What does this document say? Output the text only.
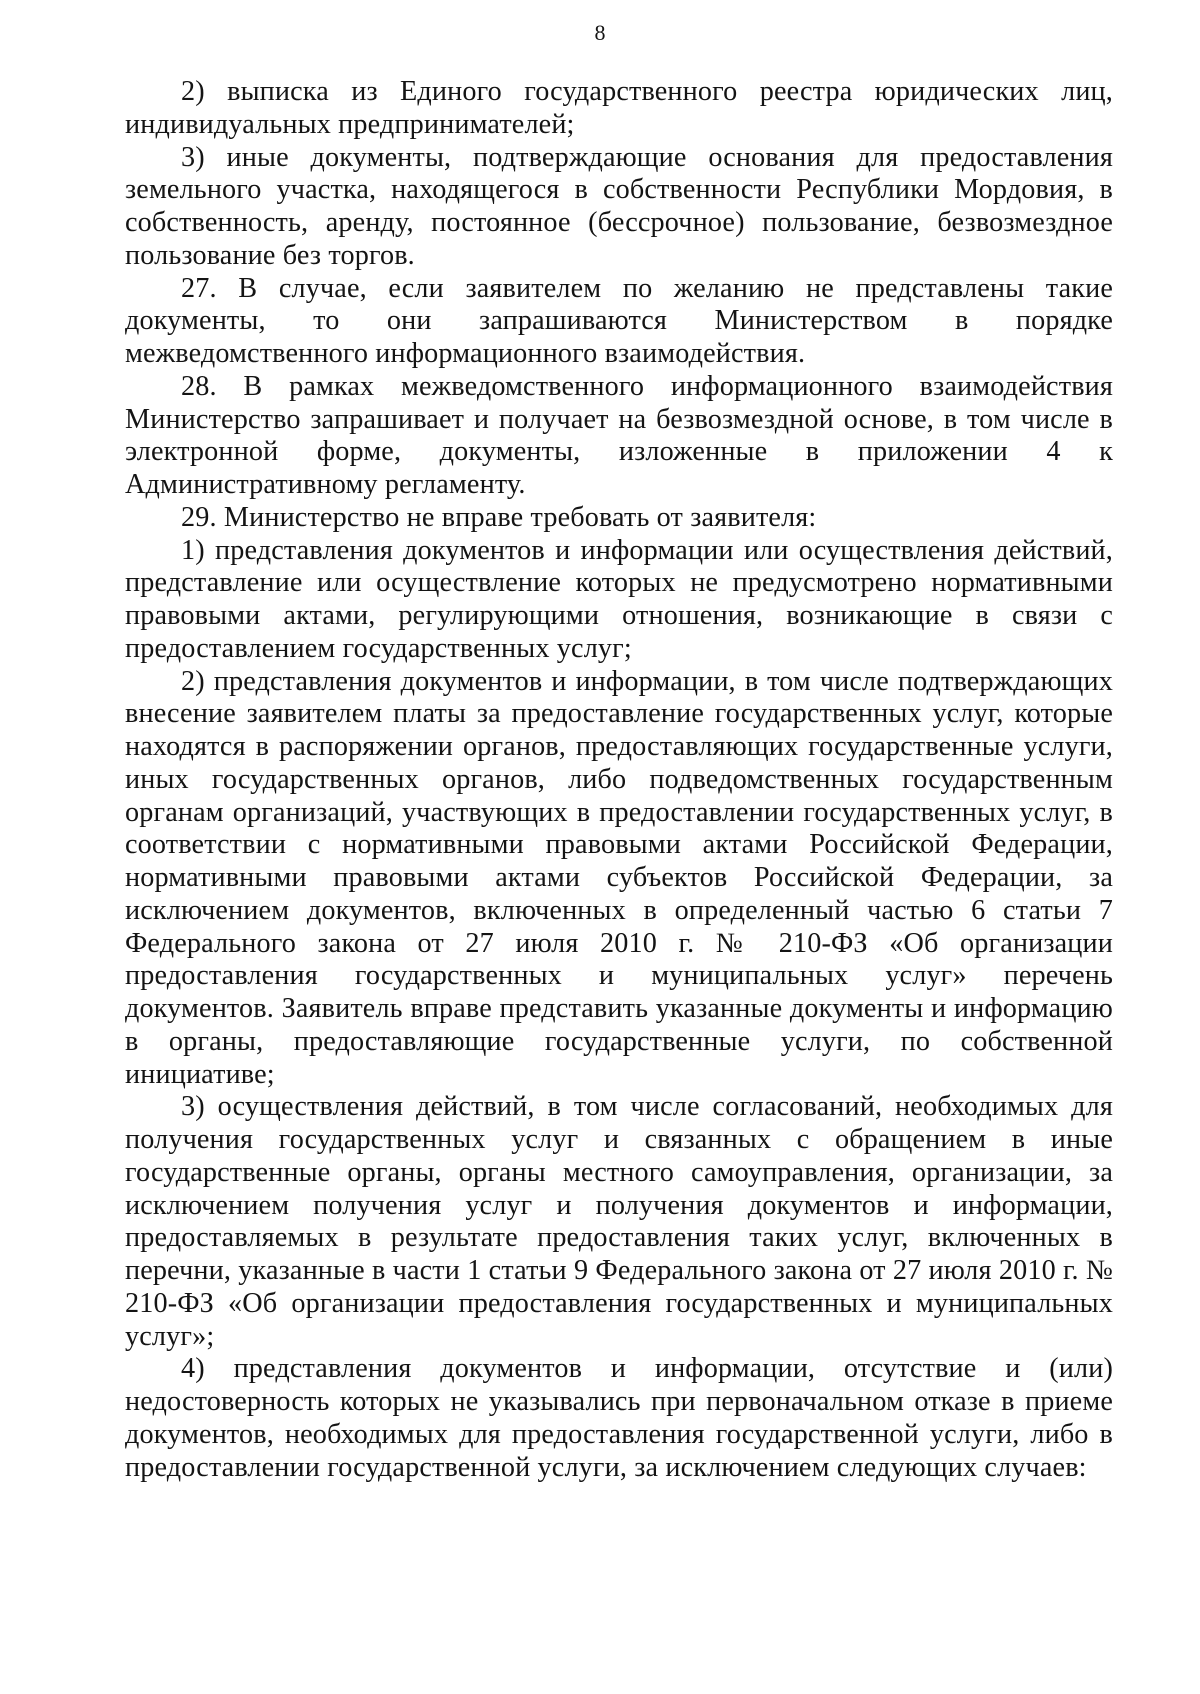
8

2) выписка из Единого государственного реестра юридических лиц, индивидуальных предпринимателей;

3) иные документы, подтверждающие основания для предоставления земельного участка, находящегося в собственности Республики Мордовия, в собственность, аренду, постоянное (бессрочное) пользование, безвозмездное пользование без торгов.

27. В случае, если заявителем по желанию не представлены такие документы, то они запрашиваются Министерством в порядке межведомственного информационного взаимодействия.

28. В рамках межведомственного информационного взаимодействия Министерство запрашивает и получает на безвозмездной основе, в том числе в электронной форме, документы, изложенные в приложении 4 к Административному регламенту.

29. Министерство не вправе требовать от заявителя:

1) представления документов и информации или осуществления действий, представление или осуществление которых не предусмотрено нормативными правовыми актами, регулирующими отношения, возникающие в связи с предоставлением государственных услуг;

2) представления документов и информации, в том числе подтверждающих внесение заявителем платы за предоставление государственных услуг, которые находятся в распоряжении органов, предоставляющих государственные услуги, иных государственных органов, либо подведомственных государственным органам организаций, участвующих в предоставлении государственных услуг, в соответствии с нормативными правовыми актами Российской Федерации, нормативными правовыми актами субъектов Российской Федерации, за исключением документов, включенных в определенный частью 6 статьи 7 Федерального закона от 27 июля 2010 г. № 210-ФЗ «Об организации предоставления государственных и муниципальных услуг» перечень документов. Заявитель вправе представить указанные документы и информацию в органы, предоставляющие государственные услуги, по собственной инициативе;

3) осуществления действий, в том числе согласований, необходимых для получения государственных услуг и связанных с обращением в иные государственные органы, органы местного самоуправления, организации, за исключением получения услуг и получения документов и информации, предоставляемых в результате предоставления таких услуг, включенных в перечни, указанные в части 1 статьи 9 Федерального закона от 27 июля 2010 г. № 210-ФЗ «Об организации предоставления государственных и муниципальных услуг»;

4) представления документов и информации, отсутствие и (или) недостоверность которых не указывались при первоначальном отказе в приеме документов, необходимых для предоставления государственной услуги, либо в предоставлении государственной услуги, за исключением следующих случаев:
